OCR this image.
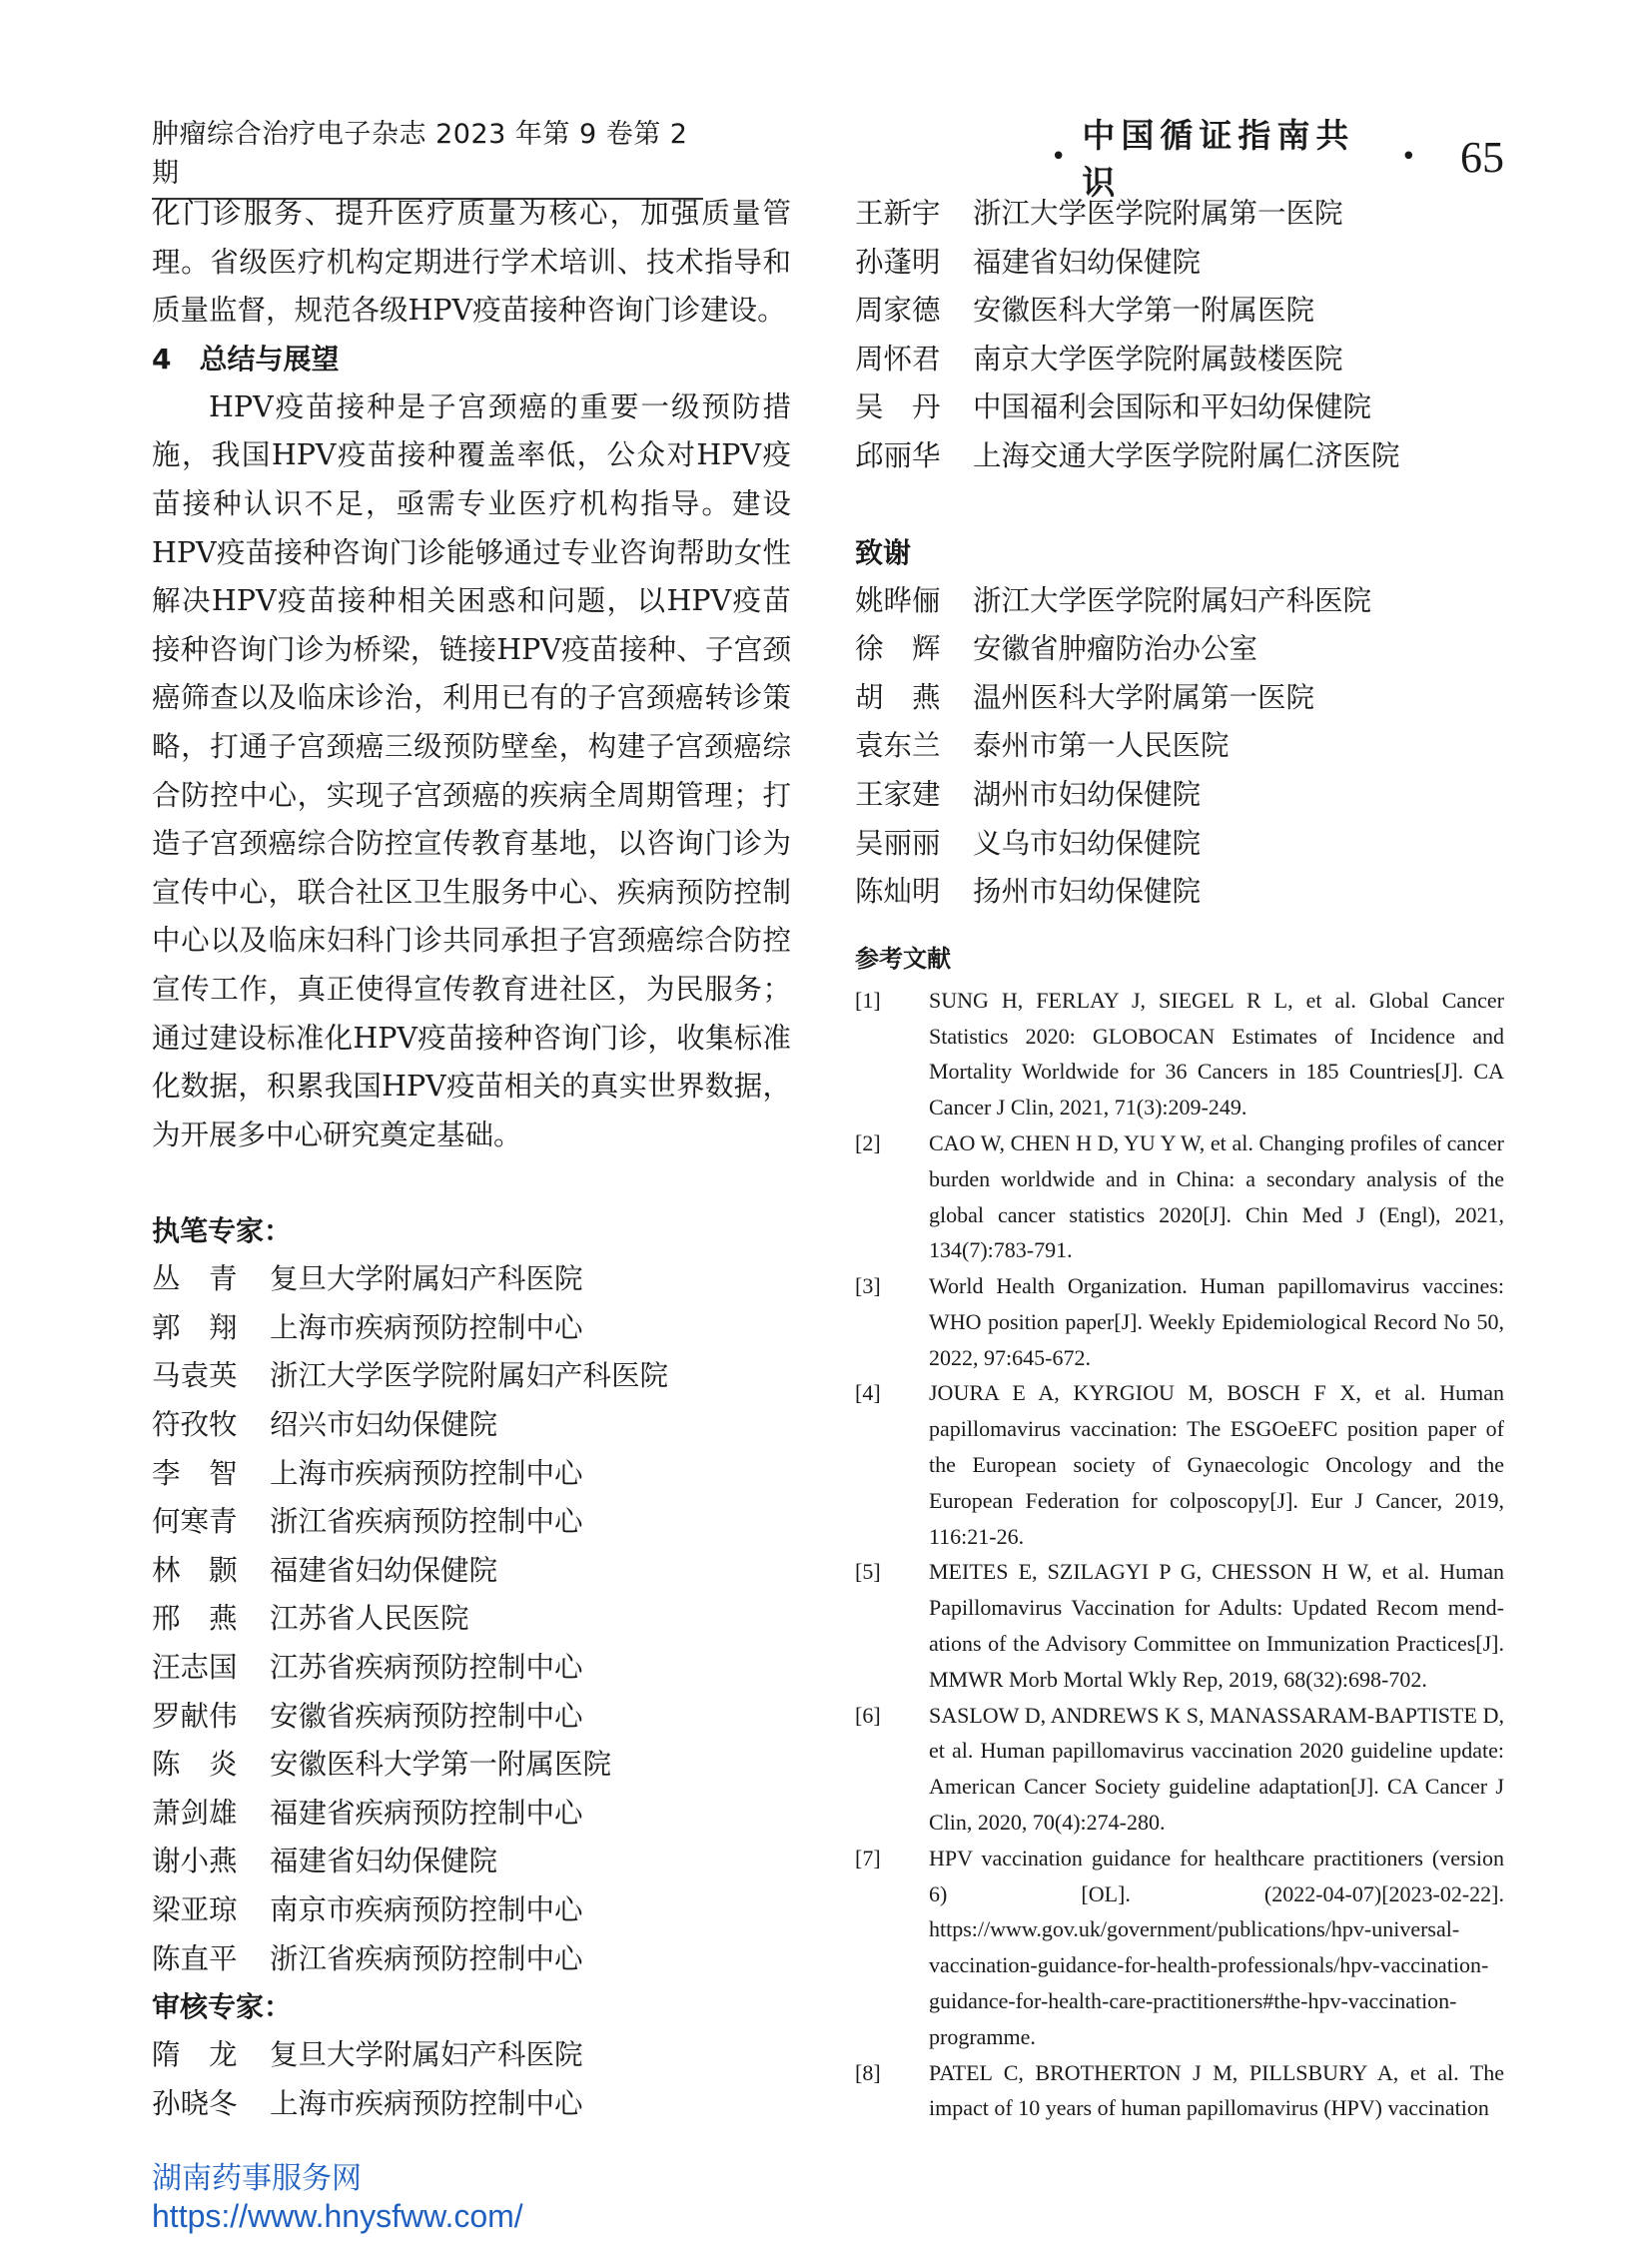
肿瘤综合治疗电子杂志 2023 年第 9 卷第 2 期
•
中国循证指南共识
• 65

化门诊服务、提升医疗质量为核心，加强质量管理。省级医疗机构定期进行学术培训、技术指导和质量监督，规范各级HPV疫苗接种咨询门诊建设。

4　总结与展望

HPV疫苗接种是子宫颈癌的重要一级预防措施，我国HPV疫苗接种覆盖率低，公众对HPV疫苗接种认识不足，亟需专业医疗机构指导。建设HPV疫苗接种咨询门诊能够通过专业咨询帮助女性解决HPV疫苗接种相关困惑和问题，以HPV疫苗接种咨询门诊为桥梁，链接HPV疫苗接种、子宫颈癌筛查以及临床诊治，利用已有的子宫颈癌转诊策略，打通子宫颈癌三级预防壁垒，构建子宫颈癌综合防控中心，实现子宫颈癌的疾病全周期管理；打造子宫颈癌综合防控宣传教育基地，以咨询门诊为宣传中心，联合社区卫生服务中心、疾病预防控制中心以及临床妇科门诊共同承担子宫颈癌综合防控宣传工作，真正使得宣传教育进社区，为民服务；通过建设标准化HPV疫苗接种咨询门诊，收集标准化数据，积累我国HPV疫苗相关的真实世界数据，为开展多中心研究奠定基础。

执笔专家：

丛　青	复旦大学附属妇产科医院
郭　翔	上海市疾病预防控制中心
马袁英	浙江大学医学院附属妇产科医院
符孜牧	绍兴市妇幼保健院
李　智	上海市疾病预防控制中心
何寒青	浙江省疾病预防控制中心
林　颢	福建省妇幼保健院
邢　燕	江苏省人民医院
汪志国	江苏省疾病预防控制中心
罗献伟	安徽省疾病预防控制中心
陈　炎	安徽医科大学第一附属医院
萧剑雄	福建省疾病预防控制中心
谢小燕	福建省妇幼保健院
梁亚琼	南京市疾病预防控制中心
陈直平	浙江省疾病预防控制中心

审核专家：

隋　龙	复旦大学附属妇产科医院
孙晓冬	上海市疾病预防控制中心
王新宇	浙江大学医学院附属第一医院
孙蓬明	福建省妇幼保健院
周家德	安徽医科大学第一附属医院
周怀君	南京大学医学院附属鼓楼医院
吴　丹	中国福利会国际和平妇幼保健院
邱丽华	上海交通大学医学院附属仁济医院

致谢

姚晔俪	浙江大学医学院附属妇产科医院
徐　辉	安徽省肿瘤防治办公室
胡　燕	温州医科大学附属第一医院
袁东兰	泰州市第一人民医院
王家建	湖州市妇幼保健院
吴丽丽	义乌市妇幼保健院
陈灿明	扬州市妇幼保健院

参考文献

[1]	SUNG H, FERLAY J, SIEGEL R L, et al. Global Cancer Statistics 2020: GLOBOCAN Estimates of Incidence and Mortality Worldwide for 36 Cancers in 185 Countries[J]. CA Cancer J Clin, 2021, 71(3):209-249.
[2]	CAO W, CHEN H D, YU Y W, et al. Changing profiles of cancer burden worldwide and in China: a secondary analysis of the global cancer statistics 2020[J]. Chin Med J (Engl), 2021, 134(7):783-791.
[3]	World Health Organization. Human papillomavirus vaccines: WHO position paper[J]. Weekly Epidemiological Record No 50, 2022, 97:645-672.
[4]	JOURA E A, KYRGIOU M, BOSCH F X, et al. Human papillomavirus vaccination: The ESGOeEFC position paper of the European society of Gynaecologic Oncology and the European Federation for colposcopy[J]. Eur J Cancer, 2019, 116:21-26.
[5]	MEITES E, SZILAGYI P G, CHESSON H W, et al. Human Papillomavirus Vaccination for Adults: Updated Recom mend-ations of the Advisory Committee on Immunization Practices[J]. MMWR Morb Mortal Wkly Rep, 2019, 68(32):698-702.
[6]	SASLOW D, ANDREWS K S, MANASSARAM-BAPTISTE D, et al. Human papillomavirus vaccination 2020 guideline update: American Cancer Society guideline adaptation[J]. CA Cancer J Clin, 2020, 70(4):274-280.
[7]	HPV vaccination guidance for healthcare practitioners (version 6) [OL]. (2022-04-07)[2023-02-22]. https://www.gov.uk/government/publications/hpv-universal-vaccination-guidance-for-health-professionals/hpv-vaccination-guidance-for-health-care-practitioners#the-hpv-vaccination-programme.
[8]	PATEL C, BROTHERTON J M, PILLSBURY A, et al. The impact of 10 years of human papillomavirus (HPV) vaccination
湖南药事服务网
https://www.hnysfww.com/
